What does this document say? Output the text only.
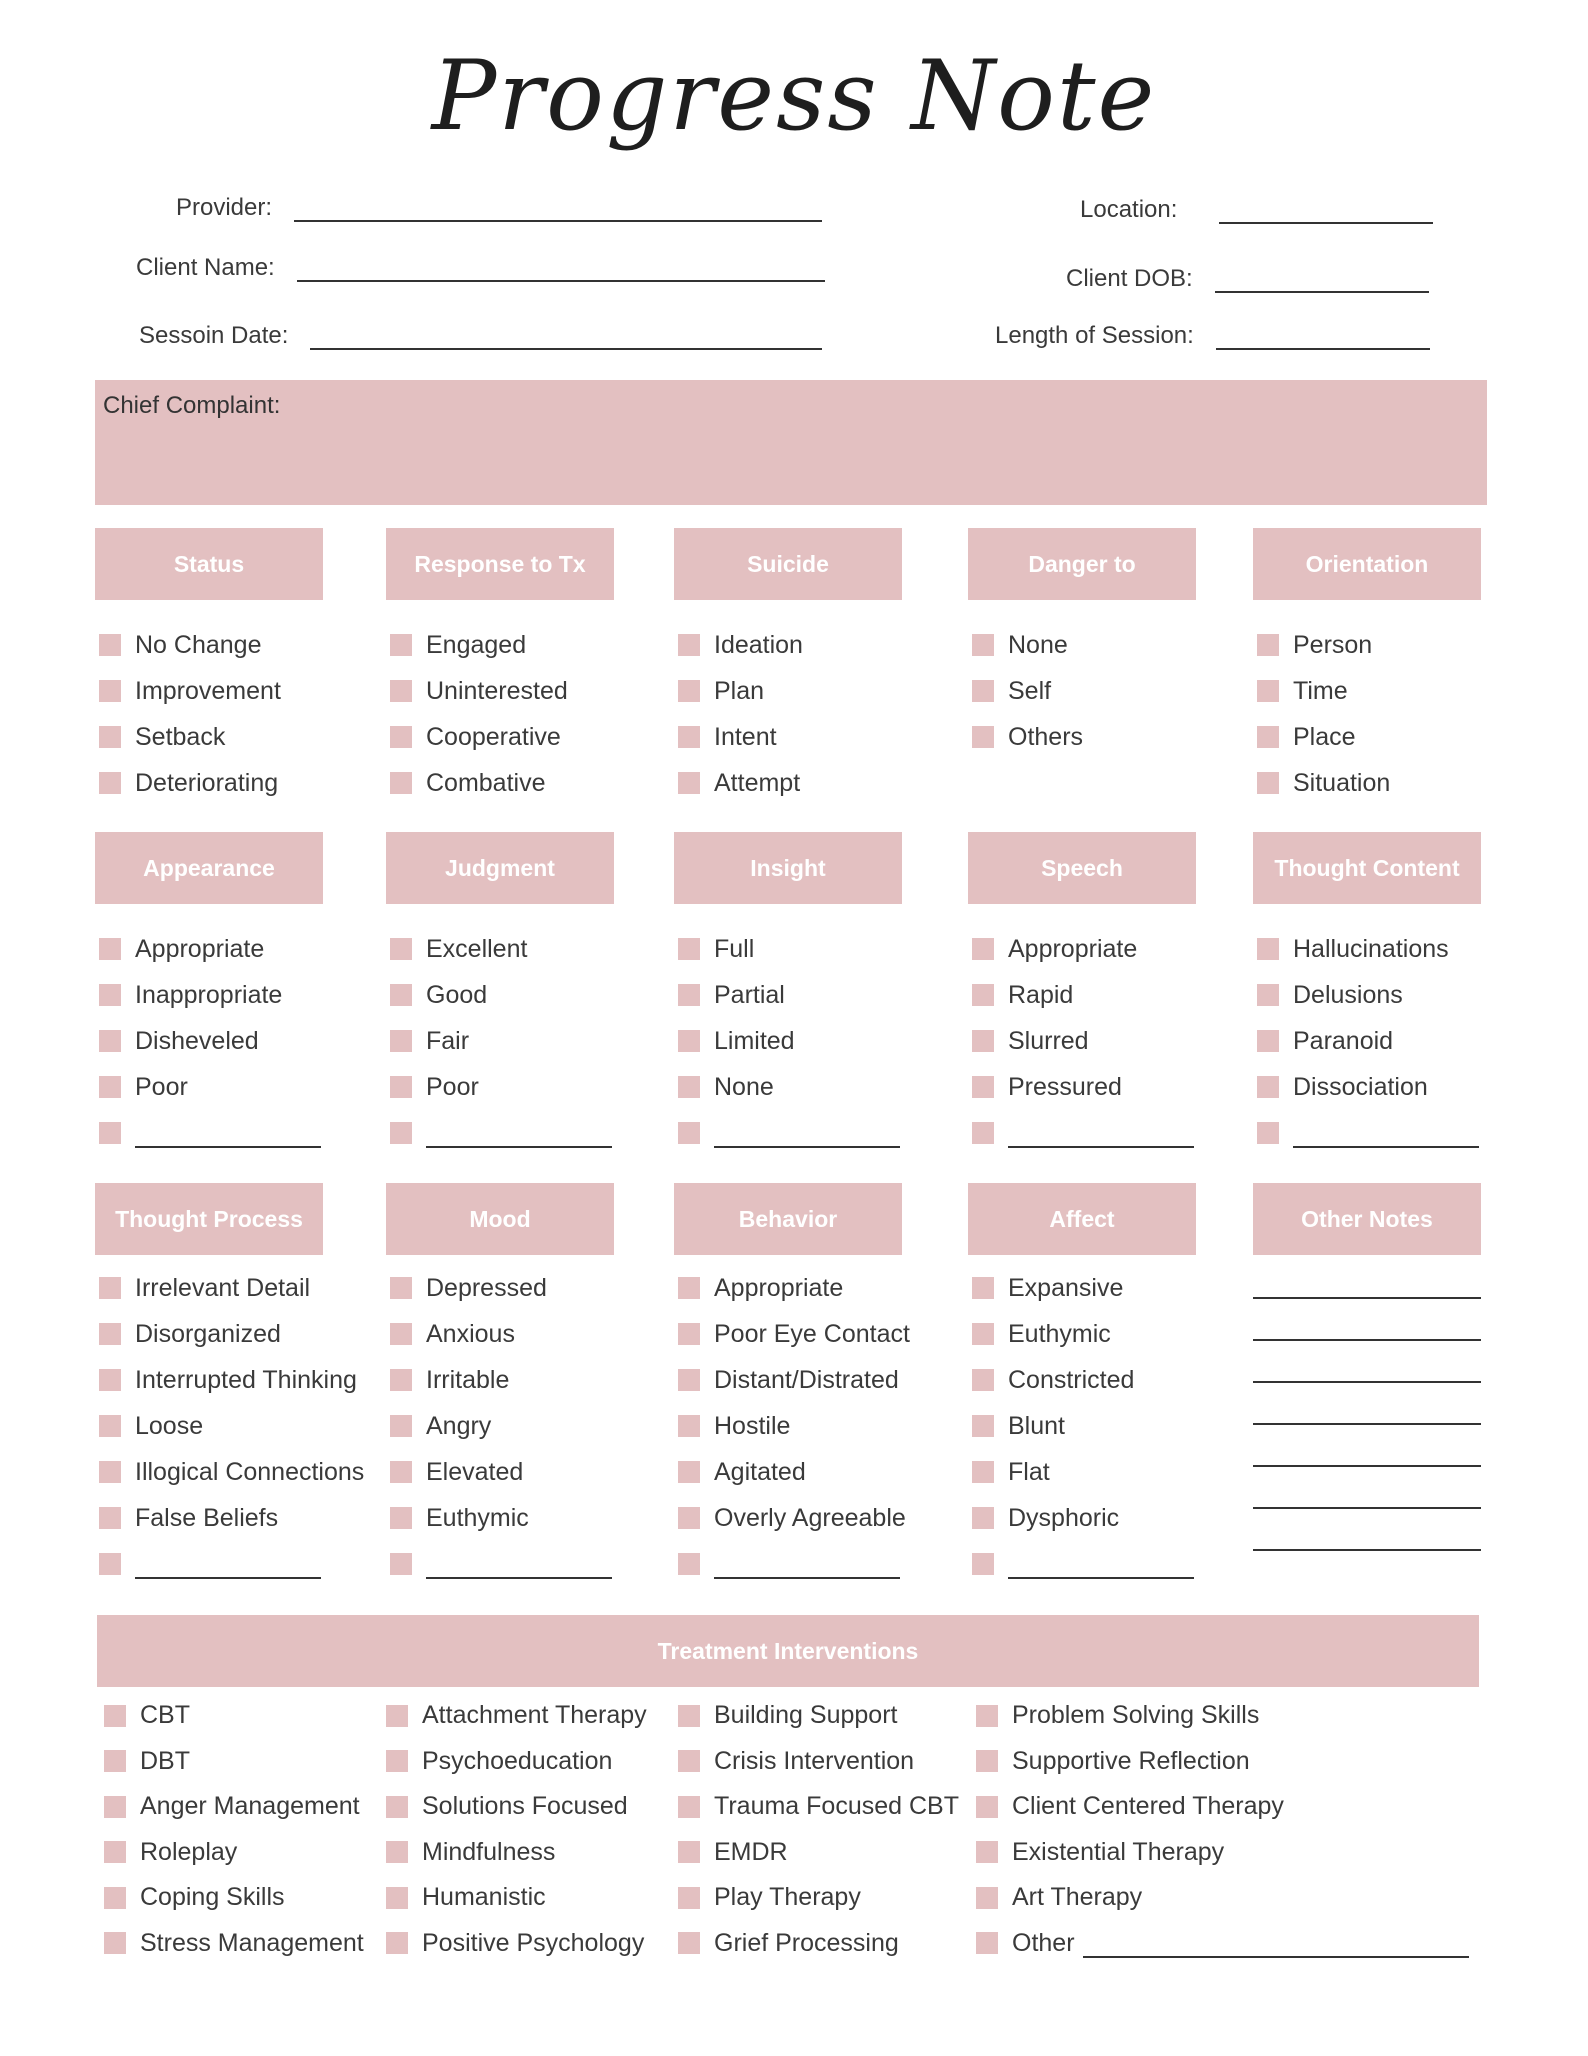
Progress Note
Provider:
Client Name:
Sessoin Date:
Location:
Client DOB:
Length of Session:
Chief Complaint:
Status
No Change
Improvement
Setback
Deteriorating
Response to Tx
Engaged
Uninterested
Cooperative
Combative
Suicide
Ideation
Plan
Intent
Attempt
Danger to
None
Self
Others
Orientation
Person
Time
Place
Situation
Appearance
Appropriate
Inappropriate
Disheveled
Poor
Judgment
Excellent
Good
Fair
Poor
Insight
Full
Partial
Limited
None
Speech
Appropriate
Rapid
Slurred
Pressured
Thought Content
Hallucinations
Delusions
Paranoid
Dissociation
Thought Process
Irrelevant Detail
Disorganized
Interrupted Thinking
Loose
Illogical Connections
False Beliefs
Mood
Depressed
Anxious
Irritable
Angry
Elevated
Euthymic
Behavior
Appropriate
Poor Eye Contact
Distant/Distrated
Hostile
Agitated
Overly Agreeable
Affect
Expansive
Euthymic
Constricted
Blunt
Flat
Dysphoric
Other Notes
Treatment Interventions
CBT
DBT
Anger Management
Roleplay
Coping Skills
Stress Management
Attachment Therapy
Psychoeducation
Solutions Focused
Mindfulness
Humanistic
Positive Psychology
Building Support
Crisis Intervention
Trauma Focused CBT
EMDR
Play Therapy
Grief Processing
Problem Solving Skills
Supportive Reflection
Client Centered Therapy
Existential Therapy
Art Therapy
Other
